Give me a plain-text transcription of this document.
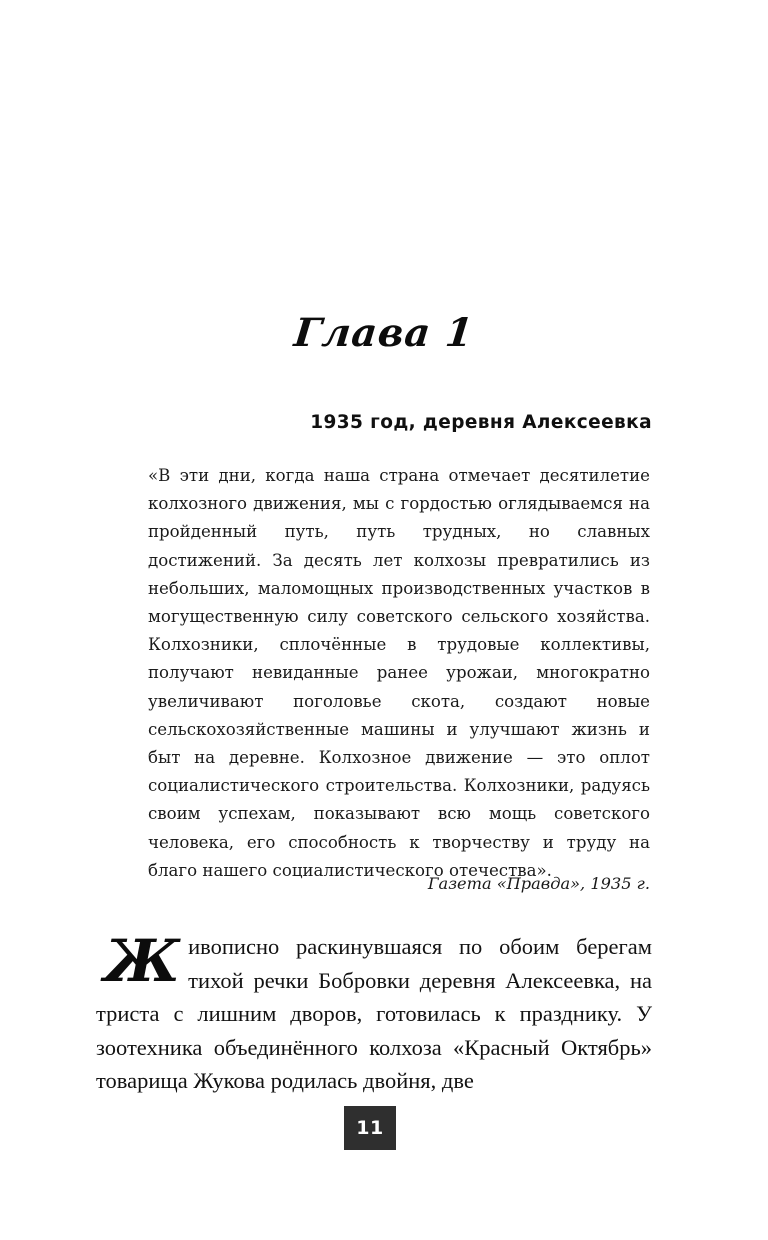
Глава 1
1935 год, деревня Алексеевка
«В эти дни, когда наша страна отмечает десятилетие колхозного движения, мы с гордостью оглядываемся на пройденный путь, путь трудных, но славных достижений. За десять лет колхозы превратились из небольших, маломощных производственных участков в могущественную силу советского сельского хозяйства. Колхозники, сплочённые в трудовые коллективы, получают невиданные ранее урожаи, многократно увеличивают поголовье скота, создают новые сельскохозяйственные машины и улучшают жизнь и быт на деревне. Колхозное движение — это оплот социалистического строительства. Колхозники, радуясь своим успехам, показывают всю мощь советского человека, его способность к творчеству и труду на благо нашего социалистического отечества».
Газета «Правда», 1935 г.
Живописно раскинувшаяся по обоим берегам тихой речки Бобровки деревня Алексеевка, на триста с лишним дворов, готовилась к празднику. У зоотехника объединённого колхоза «Красный Октябрь» товарища Жукова родилась двойня, две
11
